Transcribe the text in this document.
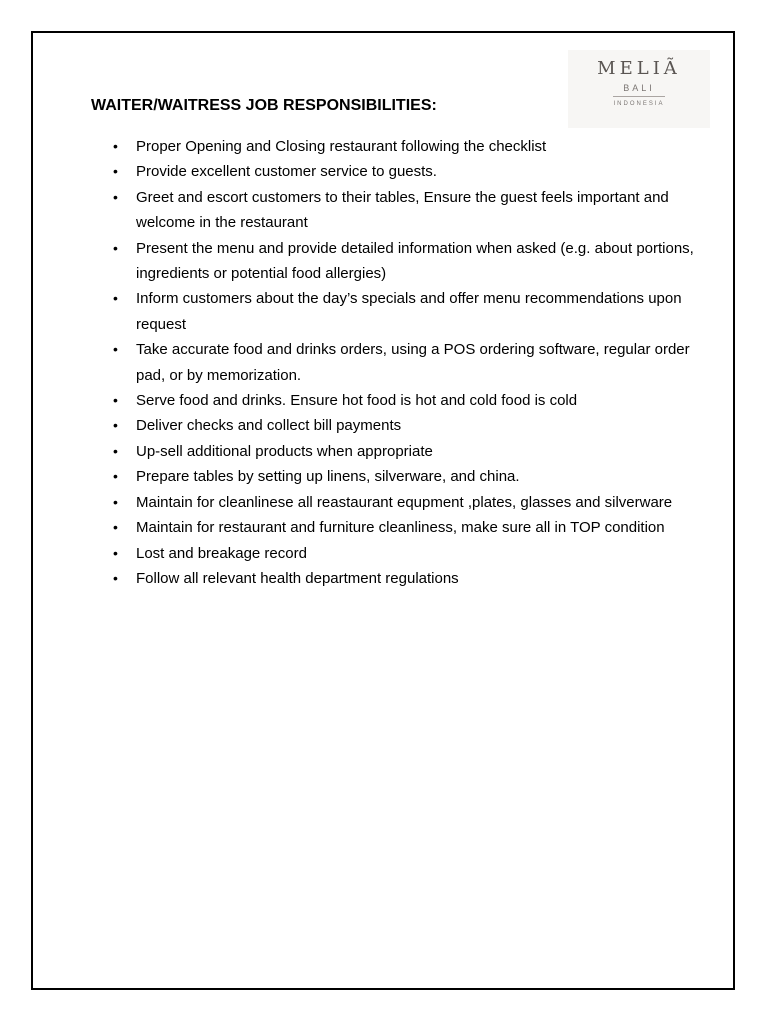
MELIÃ
BALI
INDONESIA
WAITER/WAITRESS JOB RESPONSIBILITIES:
• Proper Opening and Closing restaurant following the checklist
• Provide excellent customer service to guests.
• Greet and escort customers to their tables, Ensure the guest feels important and welcome in the restaurant
• Present the menu and provide detailed information when asked (e.g. about portions, ingredients or potential food allergies)
• Inform customers about the day’s specials and offer menu recommendations upon request
• Take accurate food and drinks orders, using a POS ordering software, regular order pad, or by memorization.
• Serve food and drinks. Ensure hot food is hot and cold food is cold
• Deliver checks and collect bill payments
• Up-sell additional products when appropriate
• Prepare tables by setting up linens, silverware, and china.
• Maintain for cleanlinese all reastaurant equpment ,plates, glasses and silverware
• Maintain for restaurant and furniture cleanliness, make sure all in TOP condition
• Lost and breakage record
• Follow all relevant health department regulations
